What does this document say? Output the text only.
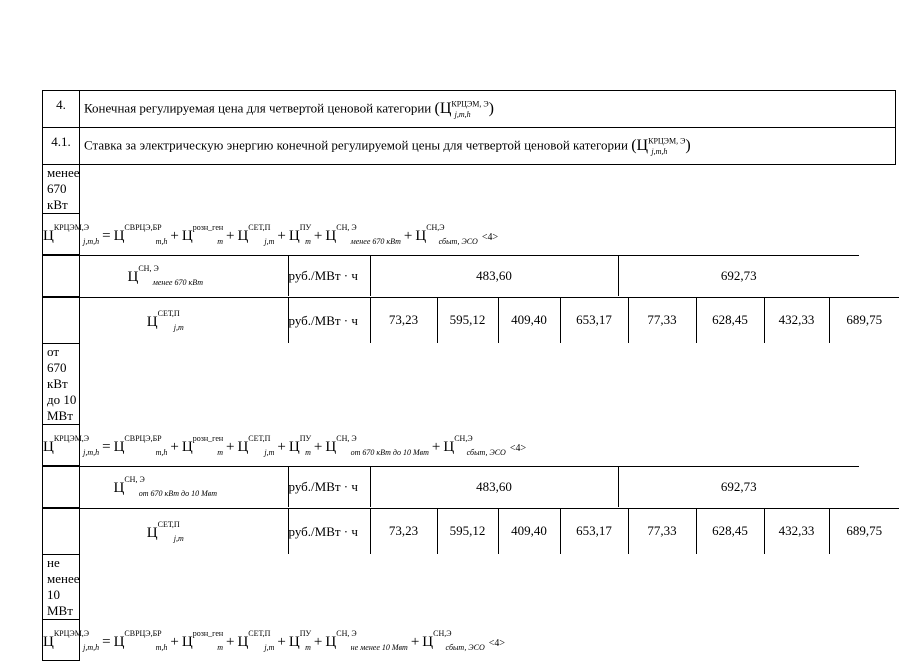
4.	Конечная регулируемая цена для четвертой ценовой категории ($Ц^{КРЦЭМ, Э}_{j,m,h}$ )
4.1.	Ставка за электрическую энергию конечной регулируемой цены для четвертой ценовой категории ($Ц^{КРЦЭМ, Э}_{j,m,h}$ )
менее 670 кВт
$Ц^{КРЦЭМ,Э}_{j,m,h} = Ц^{СВРЦЭ,БР}_{m,h} + Ц^{розн\_ген}_m + Ц^{СЕТ,П}_{j,m} + Ц^{ПУ}_m + Ц^{СН, Э}_{менее 670 кВт} + Ц^{СН,Э}_{сбыт, ЭСО} <4>$

$Ц^{СН, Э}_{менее 670 кВт}$	руб./МВт · ч	483,60	692,73

$Ц^{СЕТ,П}_{j,m}$	руб./МВт · ч	73,23	595,12	409,40	653,17	77,33	628,45	432,33	689,75

от 670 кВт до 10 МВт
$Ц^{КРЦЭМ,Э}_{j,m,h} = Ц^{СВРЦЭ,БР}_{m,h} + Ц^{розн\_ген}_m + Ц^{СЕТ,П}_{j,m} + Ц^{ПУ}_m + Ц^{СН, Э}_{от 670 кВт до 10 Мвт} + Ц^{СН,Э}_{сбыт, ЭСО} <4>$

$Ц^{СН, Э}_{от 670 кВт до 10 Мвт}$	руб./МВт · ч	483,60	692,73

$Ц^{СЕТ,П}_{j,m}$	руб./МВт · ч	73,23	595,12	409,40	653,17	77,33	628,45	432,33	689,75

не менее 10 МВт
$Ц^{КРЦЭМ,Э}_{j,m,h} = Ц^{СВРЦЭ,БР}_{m,h} + Ц^{розн\_ген}_m + Ц^{СЕТ,П}_{j,m} + Ц^{ПУ}_m + Ц^{СН, Э}_{не менее 10 Мвт} + Ц^{СН,Э}_{сбыт, ЭСО} <4>$
